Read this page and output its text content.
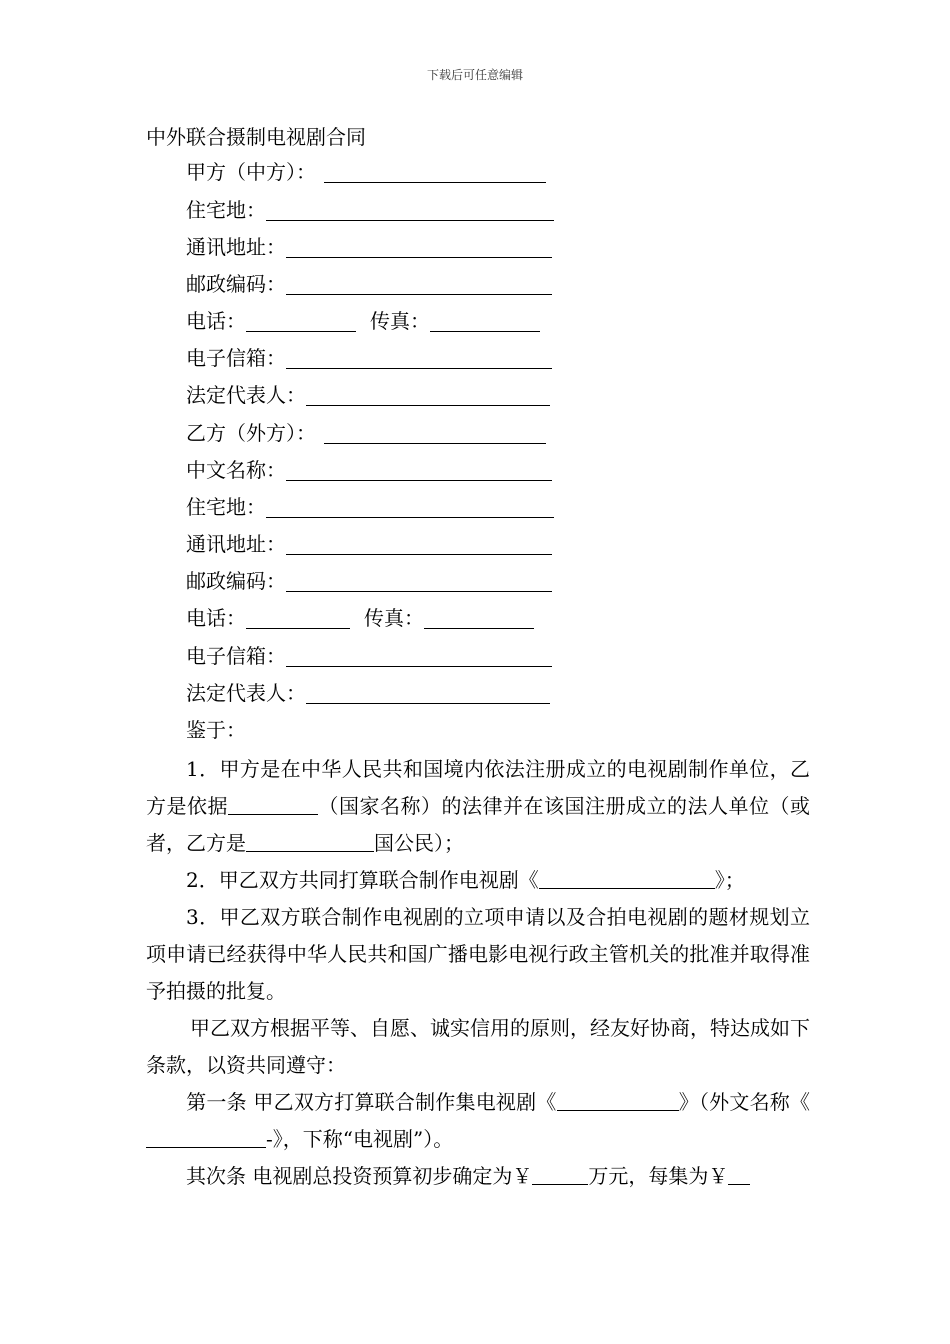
下载后可任意编辑
中外联合摄制电视剧合同
甲方（中方）：
住宅地：
通讯地址：
邮政编码：
电话：	传真：
电子信箱：
法定代表人：
乙方（外方）：
中文名称：
住宅地：
通讯地址：
邮政编码：
电话：	传真：
电子信箱：
法定代表人：
鉴于：
1．甲方是在中华人民共和国境内依法注册成立的电视剧制作单位，乙方是依据	（国家名称）的法律并在该国注册成立的法人单位（或者，乙方是	国公民）；
2．甲乙双方共同打算联合制作电视剧《	》；
3．甲乙双方联合制作电视剧的立项申请以及合拍电视剧的题材规划立项申请已经获得中华人民共和国广播电影电视行政主管机关的批准并取得准予拍摄的批复。
甲乙双方根据平等、自愿、诚实信用的原则，经友好协商，特达成如下条款，以资共同遵守：
第一条 甲乙双方打算联合制作集电视剧《	》（外文名称《-》，下称“电视剧”）。
其次条 电视剧总投资预算初步确定为￥	万元，每集为￥
